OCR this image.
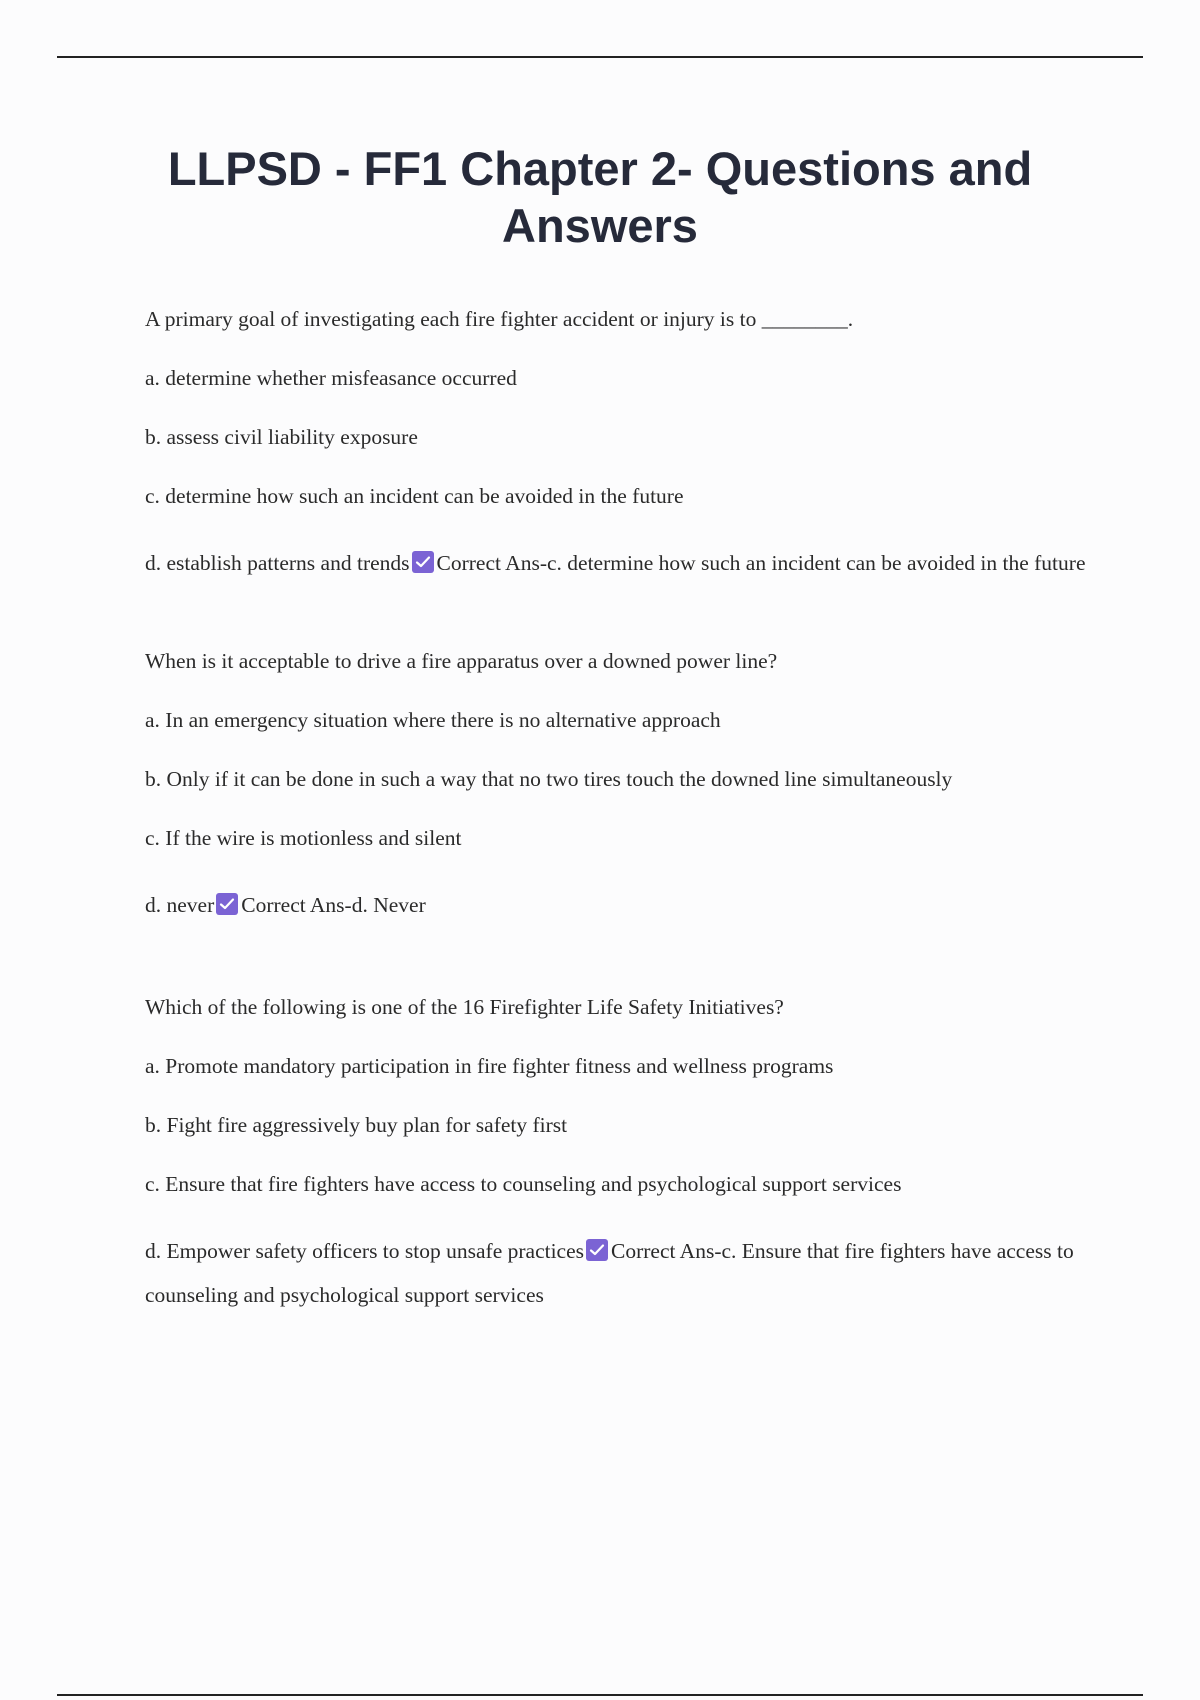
LLPSD - FF1 Chapter 2- Questions and Answers

A primary goal of investigating each fire fighter accident or injury is to ________.

a. determine whether misfeasance occurred

b. assess civil liability exposure

c. determine how such an incident can be avoided in the future

d. establish patterns and trends Correct Ans-c. determine how such an incident can be avoided in the future

When is it acceptable to drive a fire apparatus over a downed power line?

a. In an emergency situation where there is no alternative approach

b. Only if it can be done in such a way that no two tires touch the downed line simultaneously

c. If the wire is motionless and silent

d. never Correct Ans-d. Never

Which of the following is one of the 16 Firefighter Life Safety Initiatives?

a. Promote mandatory participation in fire fighter fitness and wellness programs

b. Fight fire aggressively buy plan for safety first

c. Ensure that fire fighters have access to counseling and psychological support services

d. Empower safety officers to stop unsafe practices Correct Ans-c. Ensure that fire fighters have access to counseling and psychological support services
